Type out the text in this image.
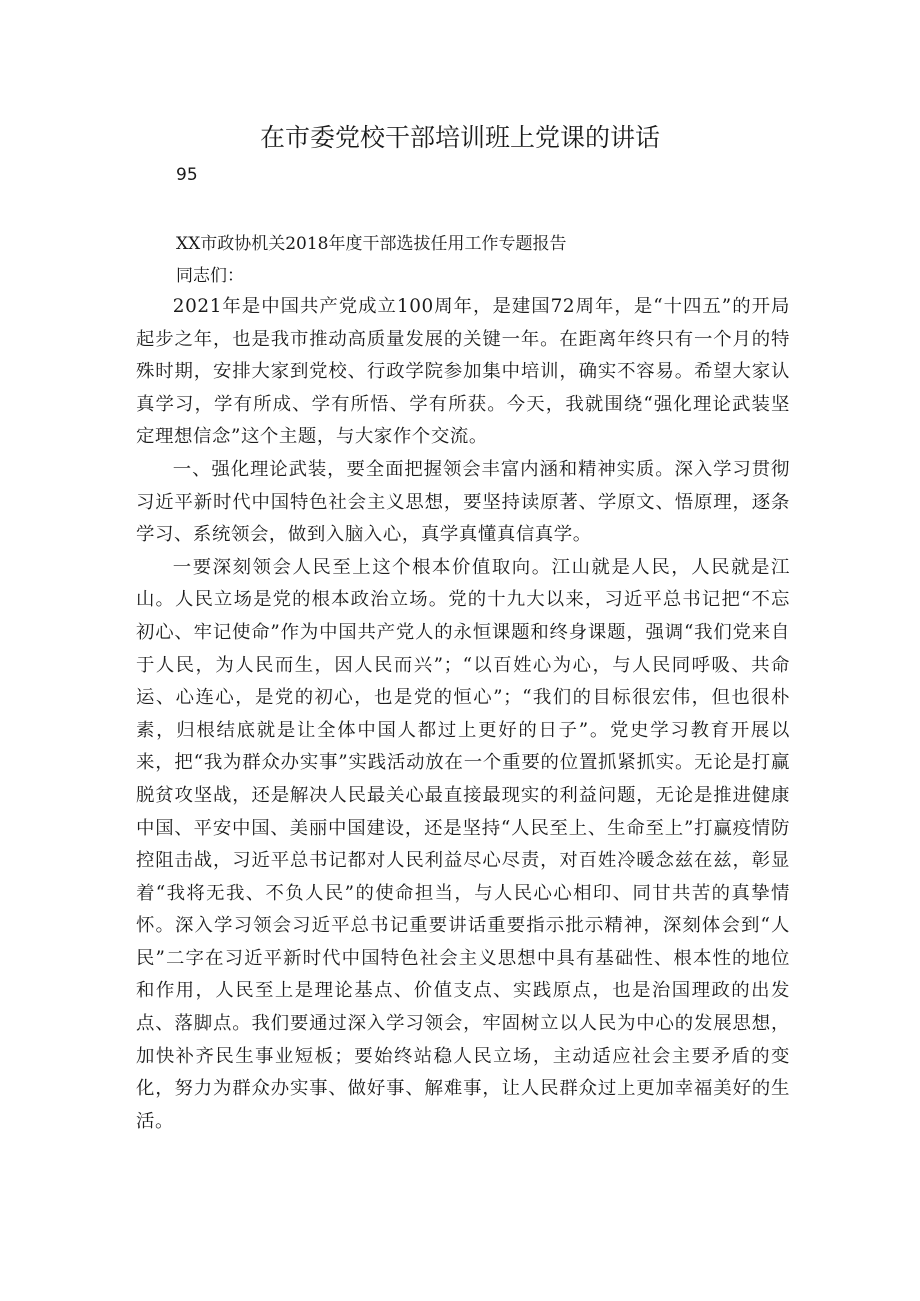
在市委党校干部培训班上党课的讲话
95
XX市政协机关2018年度干部选拔任用工作专题报告
同志们：

2021年是中国共产党成立100周年，是建国72周年，是“十四五”的开局起步之年，也是我市推动高质量发展的关键一年。在距离年终只有一个月的特殊时期，安排大家到党校、行政学院参加集中培训，确实不容易。希望大家认真学习，学有所成、学有所悟、学有所获。今天，我就围绕“强化理论武装坚定理想信念”这个主题，与大家作个交流。

一、强化理论武装，要全面把握领会丰富内涵和精神实质。深入学习贯彻习近平新时代中国特色社会主义思想，要坚持读原著、学原文、悟原理，逐条学习、系统领会，做到入脑入心，真学真懂真信真学。

一要深刻领会人民至上这个根本价值取向。江山就是人民，人民就是江山。人民立场是党的根本政治立场。党的十九大以来，习近平总书记把“不忘初心、牢记使命”作为中国共产党人的永恒课题和终身课题，强调“我们党来自于人民，为人民而生，因人民而兴”；“以百姓心为心，与人民同呼吸、共命运、心连心，是党的初心，也是党的恒心”；“我们的目标很宏伟，但也很朴素，归根结底就是让全体中国人都过上更好的日子”。党史学习教育开展以来，把“我为群众办实事”实践活动放在一个重要的位置抓紧抓实。无论是打赢脱贫攻坚战，还是解决人民最关心最直接最现实的利益问题，无论是推进健康中国、平安中国、美丽中国建设，还是坚持“人民至上、生命至上”打赢疫情防控阻击战，习近平总书记都对人民利益尽心尽责，对百姓冷暖念兹在兹，彰显着“我将无我、不负人民”的使命担当，与人民心心相印、同甘共苦的真挚情怀。深入学习领会习近平总书记重要讲话重要指示批示精神，深刻体会到“人民”二字在习近平新时代中国特色社会主义思想中具有基础性、根本性的地位和作用，人民至上是理论基点、价值支点、实践原点，也是治国理政的出发点、落脚点。我们要通过深入学习领会，牢固树立以人民为中心的发展思想，加快补齐民生事业短板；要始终站稳人民立场，主动适应社会主要矛盾的变化，努力为群众办实事、做好事、解难事，让人民群众过上更加幸福美好的生活。
